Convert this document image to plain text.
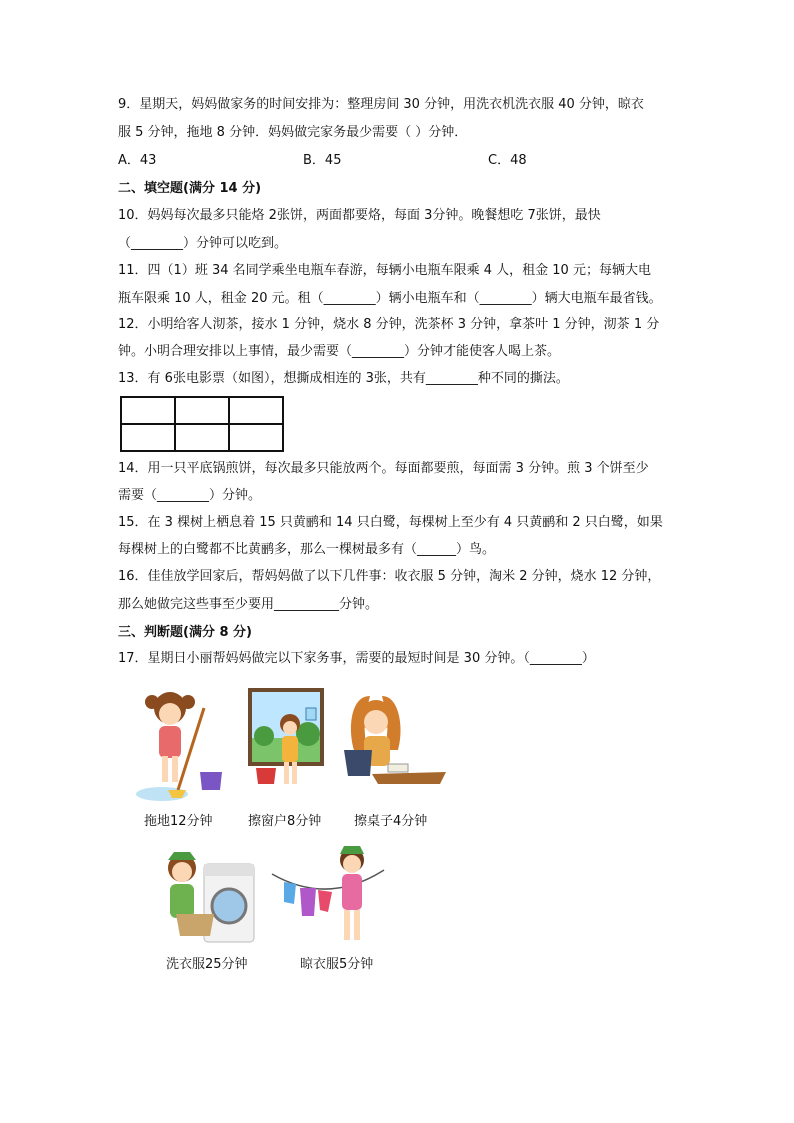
9．星期天，妈妈做家务的时间安排为：整理房间 30 分钟，用洗衣机洗衣服 40 分钟，晾衣
服 5 分钟，拖地 8 分钟．妈妈做完家务最少需要（ ）分钟．
A．43	B．45	C．48
二、填空题(满分 14 分)
10．妈妈每次最多只能烙 2张饼，两面都要烙，每面 3分钟。晚餐想吃 7张饼，最快
（________）分钟可以吃到。
11．四（1）班 34 名同学乘坐电瓶车春游，每辆小电瓶车限乘 4 人，租金 10 元；每辆大电
瓶车限乘 10 人，租金 20 元。租（________）辆小电瓶车和（________）辆大电瓶车最省钱。
12．小明给客人沏茶，接水 1 分钟，烧水 8 分钟，洗茶杯 3 分钟，拿茶叶 1 分钟，沏茶 1 分
钟。小明合理安排以上事情，最少需要（________）分钟才能使客人喝上茶。
13．有 6张电影票（如图），想撕成相连的 3张，共有________种不同的撕法。

14．用一只平底锅煎饼，每次最多只能放两个。每面都要煎，每面需 3 分钟。煎 3 个饼至少
需要（________）分钟。
15．在 3 棵树上栖息着 15 只黄鹂和 14 只白鹭，每棵树上至少有 4 只黄鹂和 2 只白鹭，如果
每棵树上的白鹭都不比黄鹂多，那么一棵树最多有（______）鸟。
16．佳佳放学回家后，帮妈妈做了以下几件事：收衣服 5 分钟，淘米 2 分钟，烧水 12 分钟，
那么她做完这些事至少要用__________分钟。
三、判断题(满分 8 分)
17．星期日小丽帮妈妈做完以下家务事，需要的最短时间是 30 分钟。（________）
拖地12分钟	擦窗户8分钟	擦桌子4分钟
洗衣服25分钟	晾衣服5分钟
